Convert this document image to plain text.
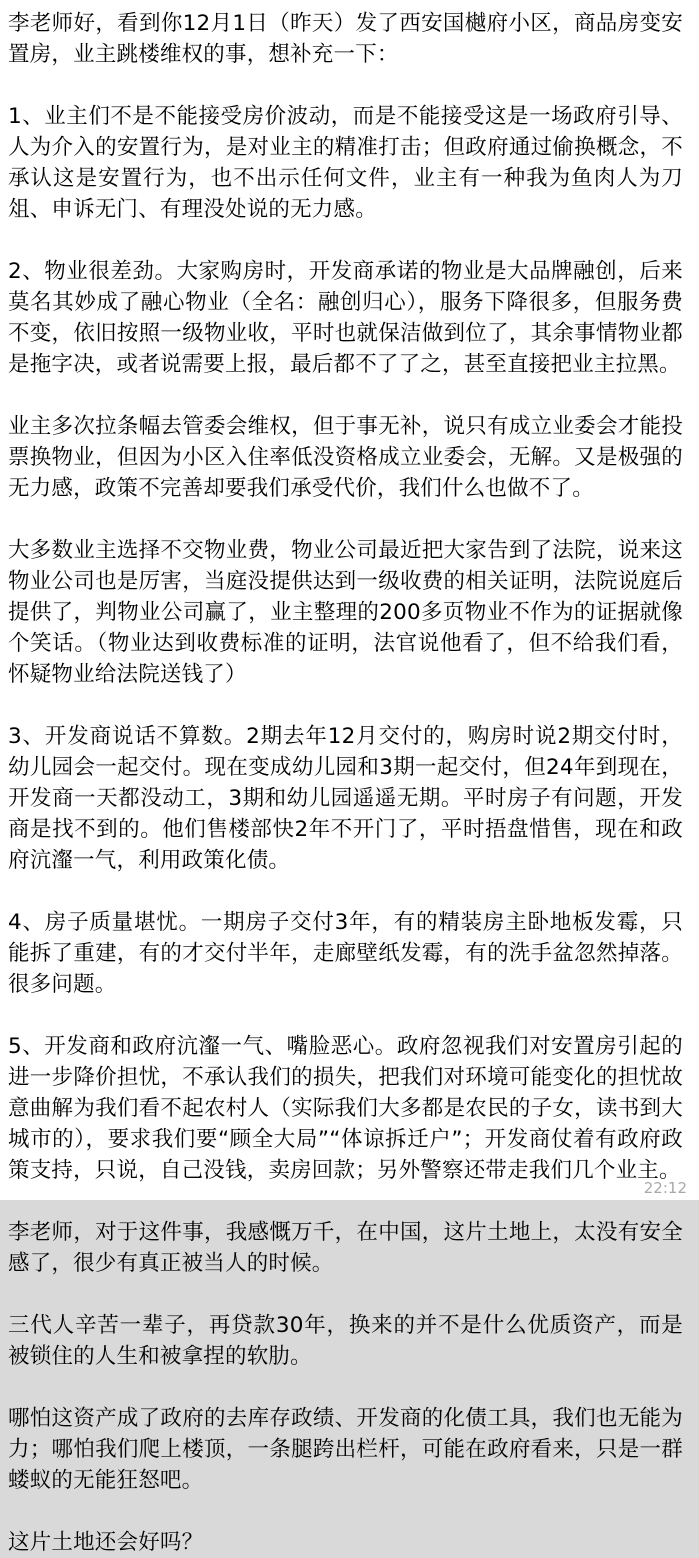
李老师好，看到你12月1日（昨天）发了西安国樾府小区，商品房变安置房，业主跳楼维权的事，想补充一下：

1、业主们不是不能接受房价波动，而是不能接受这是一场政府引导、人为介入的安置行为，是对业主的精准打击；但政府通过偷换概念，不承认这是安置行为，也不出示任何文件，业主有一种我为鱼肉人为刀俎、申诉无门、有理没处说的无力感。

2、物业很差劲。大家购房时，开发商承诺的物业是大品牌融创，后来莫名其妙成了融心物业（全名：融创归心），服务下降很多，但服务费不变，依旧按照一级物业收，平时也就保洁做到位了，其余事情物业都是拖字决，或者说需要上报，最后都不了了之，甚至直接把业主拉黑。

业主多次拉条幅去管委会维权，但于事无补，说只有成立业委会才能投票换物业，但因为小区入住率低没资格成立业委会，无解。又是极强的无力感，政策不完善却要我们承受代价，我们什么也做不了。

大多数业主选择不交物业费，物业公司最近把大家告到了法院，说来这物业公司也是厉害，当庭没提供达到一级收费的相关证明，法院说庭后提供了，判物业公司赢了，业主整理的200多页物业不作为的证据就像个笑话。（物业达到收费标准的证明，法官说他看了，但不给我们看，怀疑物业给法院送钱了）

3、开发商说话不算数。2期去年12月交付的，购房时说2期交付时，幼儿园会一起交付。现在变成幼儿园和3期一起交付，但24年到现在，开发商一天都没动工，3期和幼儿园遥遥无期。平时房子有问题，开发商是找不到的。他们售楼部快2年不开门了，平时捂盘惜售，现在和政府沆瀣一气，利用政策化债。

4、房子质量堪忧。一期房子交付3年，有的精装房主卧地板发霉，只能拆了重建，有的才交付半年，走廊壁纸发霉，有的洗手盆忽然掉落。很多问题。

5、开发商和政府沆瀣一气、嘴脸恶心。政府忽视我们对安置房引起的进一步降价担忧，不承认我们的损失，把我们对环境可能变化的担忧故意曲解为我们看不起农村人（实际我们大多都是农民的子女，读书到大城市的），要求我们要“顾全大局”“体谅拆迁户”；开发商仗着有政府政策支持，只说，自己没钱，卖房回款；另外警察还带走我们几个业主。

李老师，对于这件事，我感慨万千，在中国，这片土地上，太没有安全感了，很少有真正被当人的时候。

三代人辛苦一辈子，再贷款30年，换来的并不是什么优质资产，而是被锁住的人生和被拿捏的软肋。

哪怕这资产成了政府的去库存政绩、开发商的化债工具，我们也无能为力；哪怕我们爬上楼顶，一条腿跨出栏杆，可能在政府看来，只是一群蝼蚁的无能狂怒吧。

这片土地还会好吗？

22:12
